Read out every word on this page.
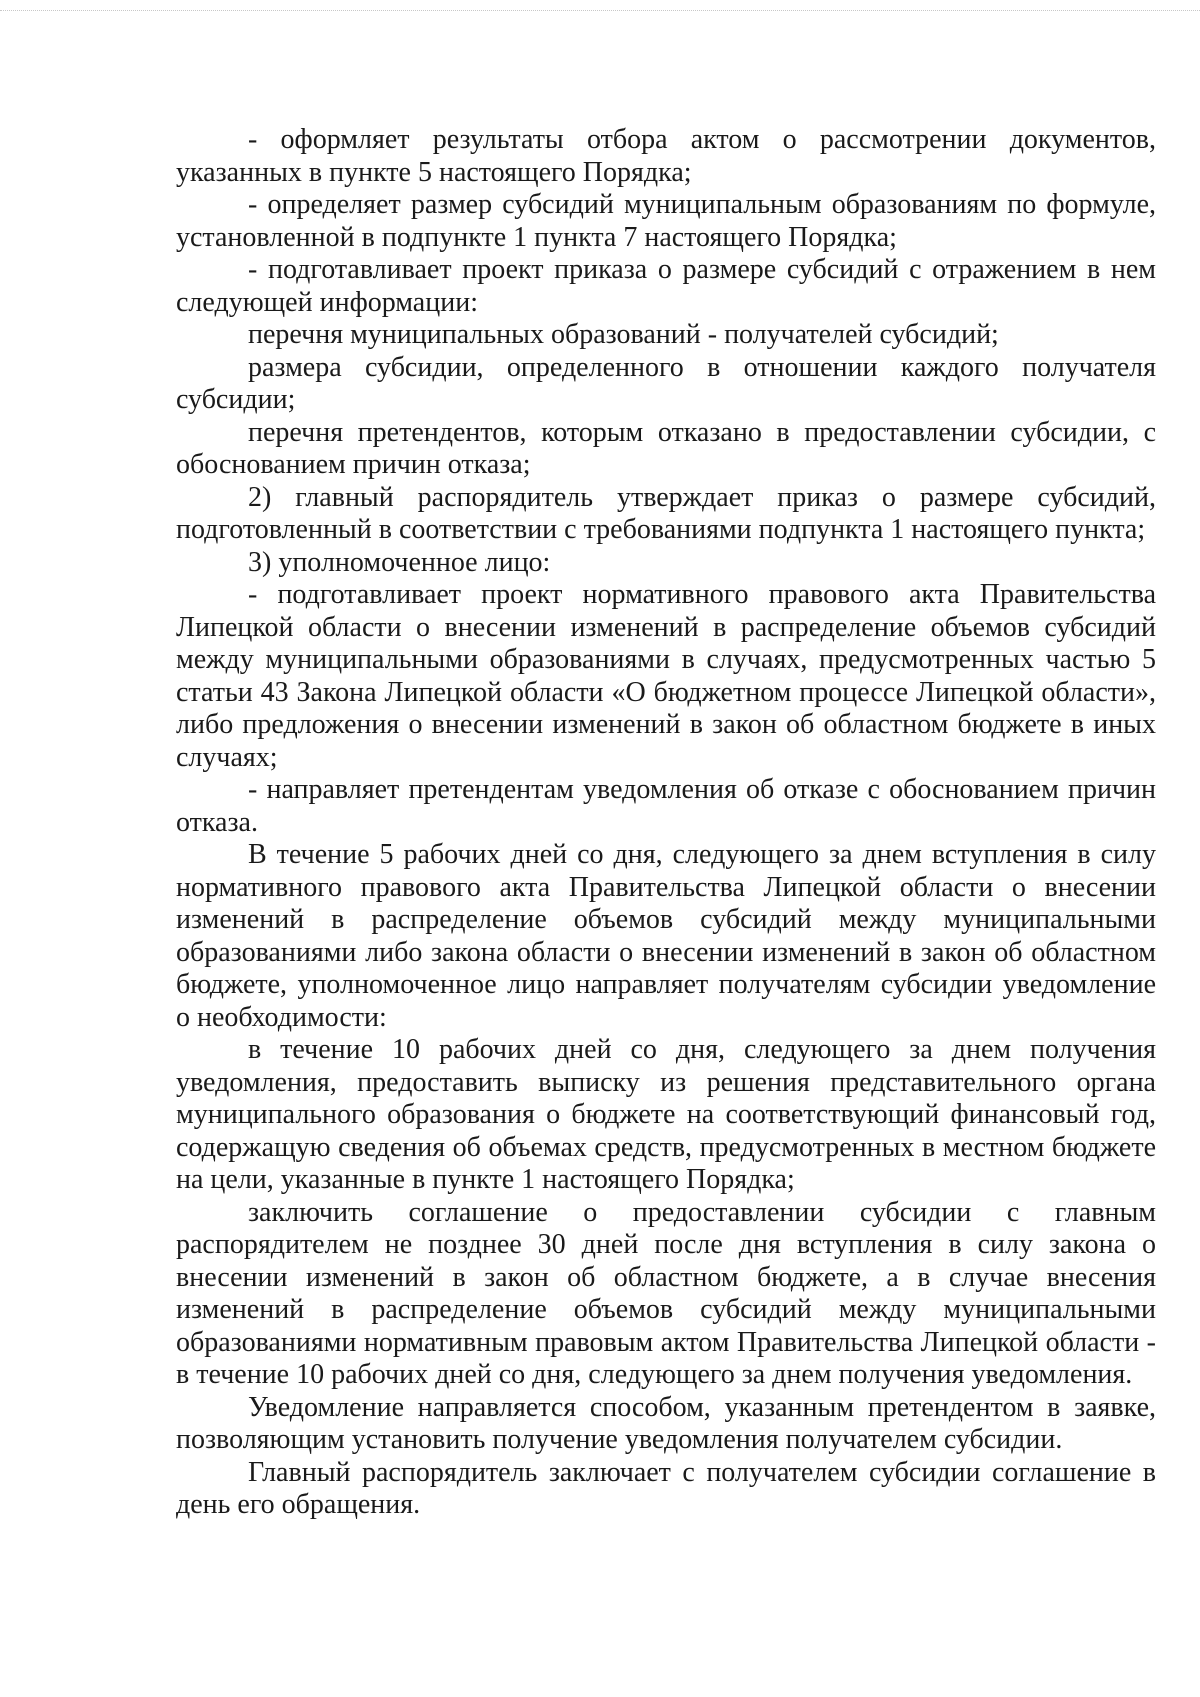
- оформляет результаты отбора актом о рассмотрении документов, указанных в пункте 5 настоящего Порядка;

- определяет размер субсидий муниципальным образованиям по формуле, установленной в подпункте 1 пункта 7 настоящего Порядка;

- подготавливает проект приказа о размере субсидий с отражением в нем следующей информации:

перечня муниципальных образований - получателей субсидий;

размера субсидии, определенного в отношении каждого получателя субсидии;

перечня претендентов, которым отказано в предоставлении субсидии, с обоснованием причин отказа;

2) главный распорядитель утверждает приказ о размере субсидий, подготовленный в соответствии с требованиями подпункта 1 настоящего пункта;

3) уполномоченное лицо:

- подготавливает проект нормативного правового акта Правительства Липецкой области о внесении изменений в распределение объемов субсидий между муниципальными образованиями в случаях, предусмотренных частью 5 статьи 43 Закона Липецкой области «О бюджетном процессе Липецкой области», либо предложения о внесении изменений в закон об областном бюджете в иных случаях;

- направляет претендентам уведомления об отказе с обоснованием причин отказа.

В течение 5 рабочих дней со дня, следующего за днем вступления в силу нормативного правового акта Правительства Липецкой области о внесении изменений в распределение объемов субсидий между муниципальными образованиями либо закона области о внесении изменений в закон об областном бюджете, уполномоченное лицо направляет получателям субсидии уведомление о необходимости:

в течение 10 рабочих дней со дня, следующего за днем получения уведомления, предоставить выписку из решения представительного органа муниципального образования о бюджете на соответствующий финансовый год, содержащую сведения об объемах средств, предусмотренных в местном бюджете на цели, указанные в пункте 1 настоящего Порядка;

заключить соглашение о предоставлении субсидии с главным распорядителем не позднее 30 дней после дня вступления в силу закона о внесении изменений в закон об областном бюджете, а в случае внесения изменений в распределение объемов субсидий между муниципальными образованиями нормативным правовым актом Правительства Липецкой области - в течение 10 рабочих дней со дня, следующего за днем получения уведомления.

Уведомление направляется способом, указанным претендентом в заявке, позволяющим установить получение уведомления получателем субсидии.

Главный распорядитель заключает с получателем субсидии соглашение в день его обращения.
